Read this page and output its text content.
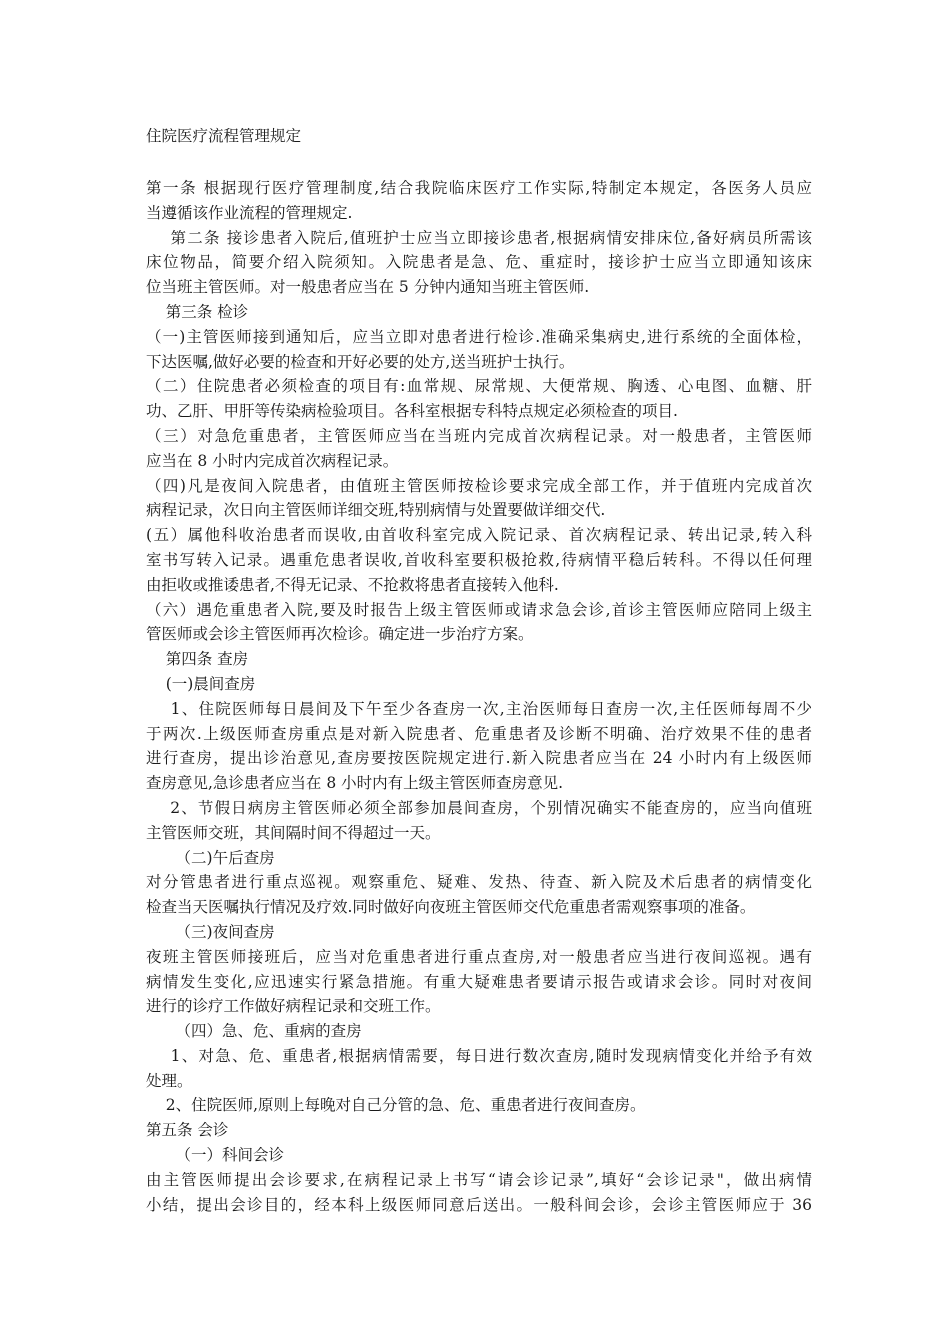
住院医疗流程管理规定
第一条 根据现行医疗管理制度,结合我院临床医疗工作实际,特制定本规定，各医务人员应
当遵循该作业流程的管理规定.
第二条 接诊患者入院后,值班护士应当立即接诊患者,根据病情安排床位,备好病员所需该
床位物品，简要介绍入院须知。入院患者是急、危、重症时，接诊护士应当立即通知该床
位当班主管医师。对一般患者应当在 5 分钟内通知当班主管医师.
第三条 检诊
（一)主管医师接到通知后，应当立即对患者进行检诊.准确采集病史,进行系统的全面体检，
下达医嘱,做好必要的检查和开好必要的处方,送当班护士执行。
（二）住院患者必须检查的项目有:血常规、尿常规、大便常规、胸透、心电图、血糖、肝
功、乙肝、甲肝等传染病检验项目。各科室根据专科特点规定必须检查的项目.
（三）对急危重患者，主管医师应当在当班内完成首次病程记录。对一般患者，主管医师
应当在 8 小时内完成首次病程记录。
（四)凡是夜间入院患者，由值班主管医师按检诊要求完成全部工作，并于值班内完成首次
病程记录，次日向主管医师详细交班,特别病情与处置要做详细交代.
(五）属他科收治患者而误收,由首收科室完成入院记录、首次病程记录、转出记录,转入科
室书写转入记录。遇重危患者误收,首收科室要积极抢救,待病情平稳后转科。不得以任何理
由拒收或推诿患者,不得无记录、不抢救将患者直接转入他科.
（六）遇危重患者入院,要及时报告上级主管医师或请求急会诊,首诊主管医师应陪同上级主
管医师或会诊主管医师再次检诊。确定进一步治疗方案。
第四条 查房
(一)晨间查房
1、住院医师每日晨间及下午至少各查房一次,主治医师每日查房一次,主任医师每周不少
于两次.上级医师查房重点是对新入院患者、危重患者及诊断不明确、治疗效果不佳的患者
进行查房，提出诊治意见,查房要按医院规定进行.新入院患者应当在 24 小时内有上级医师
查房意见,急诊患者应当在 8 小时内有上级主管医师查房意见.
2、节假日病房主管医师必须全部参加晨间查房，个别情况确实不能查房的，应当向值班
主管医师交班，其间隔时间不得超过一天。
（二)午后查房
对分管患者进行重点巡视。观察重危、疑难、发热、待查、新入院及术后患者的病情变化
检查当天医嘱执行情况及疗效.同时做好向夜班主管医师交代危重患者需观察事项的准备。
（三)夜间查房
夜班主管医师接班后，应当对危重患者进行重点查房,对一般患者应当进行夜间巡视。遇有
病情发生变化,应迅速实行紧急措施。有重大疑难患者要请示报告或请求会诊。同时对夜间
进行的诊疗工作做好病程记录和交班工作。
（四）急、危、重病的查房
1、对急、危、重患者,根据病情需要，每日进行数次查房,随时发现病情变化并给予有效
处理。
2、住院医师,原则上每晚对自己分管的急、危、重患者进行夜间查房。
第五条 会诊
（一）科间会诊
由主管医师提出会诊要求,在病程记录上书写“请会诊记录”,填好“会诊记录"，做出病情
小结，提出会诊目的，经本科上级医师同意后送出。一般科间会诊，会诊主管医师应于 36
